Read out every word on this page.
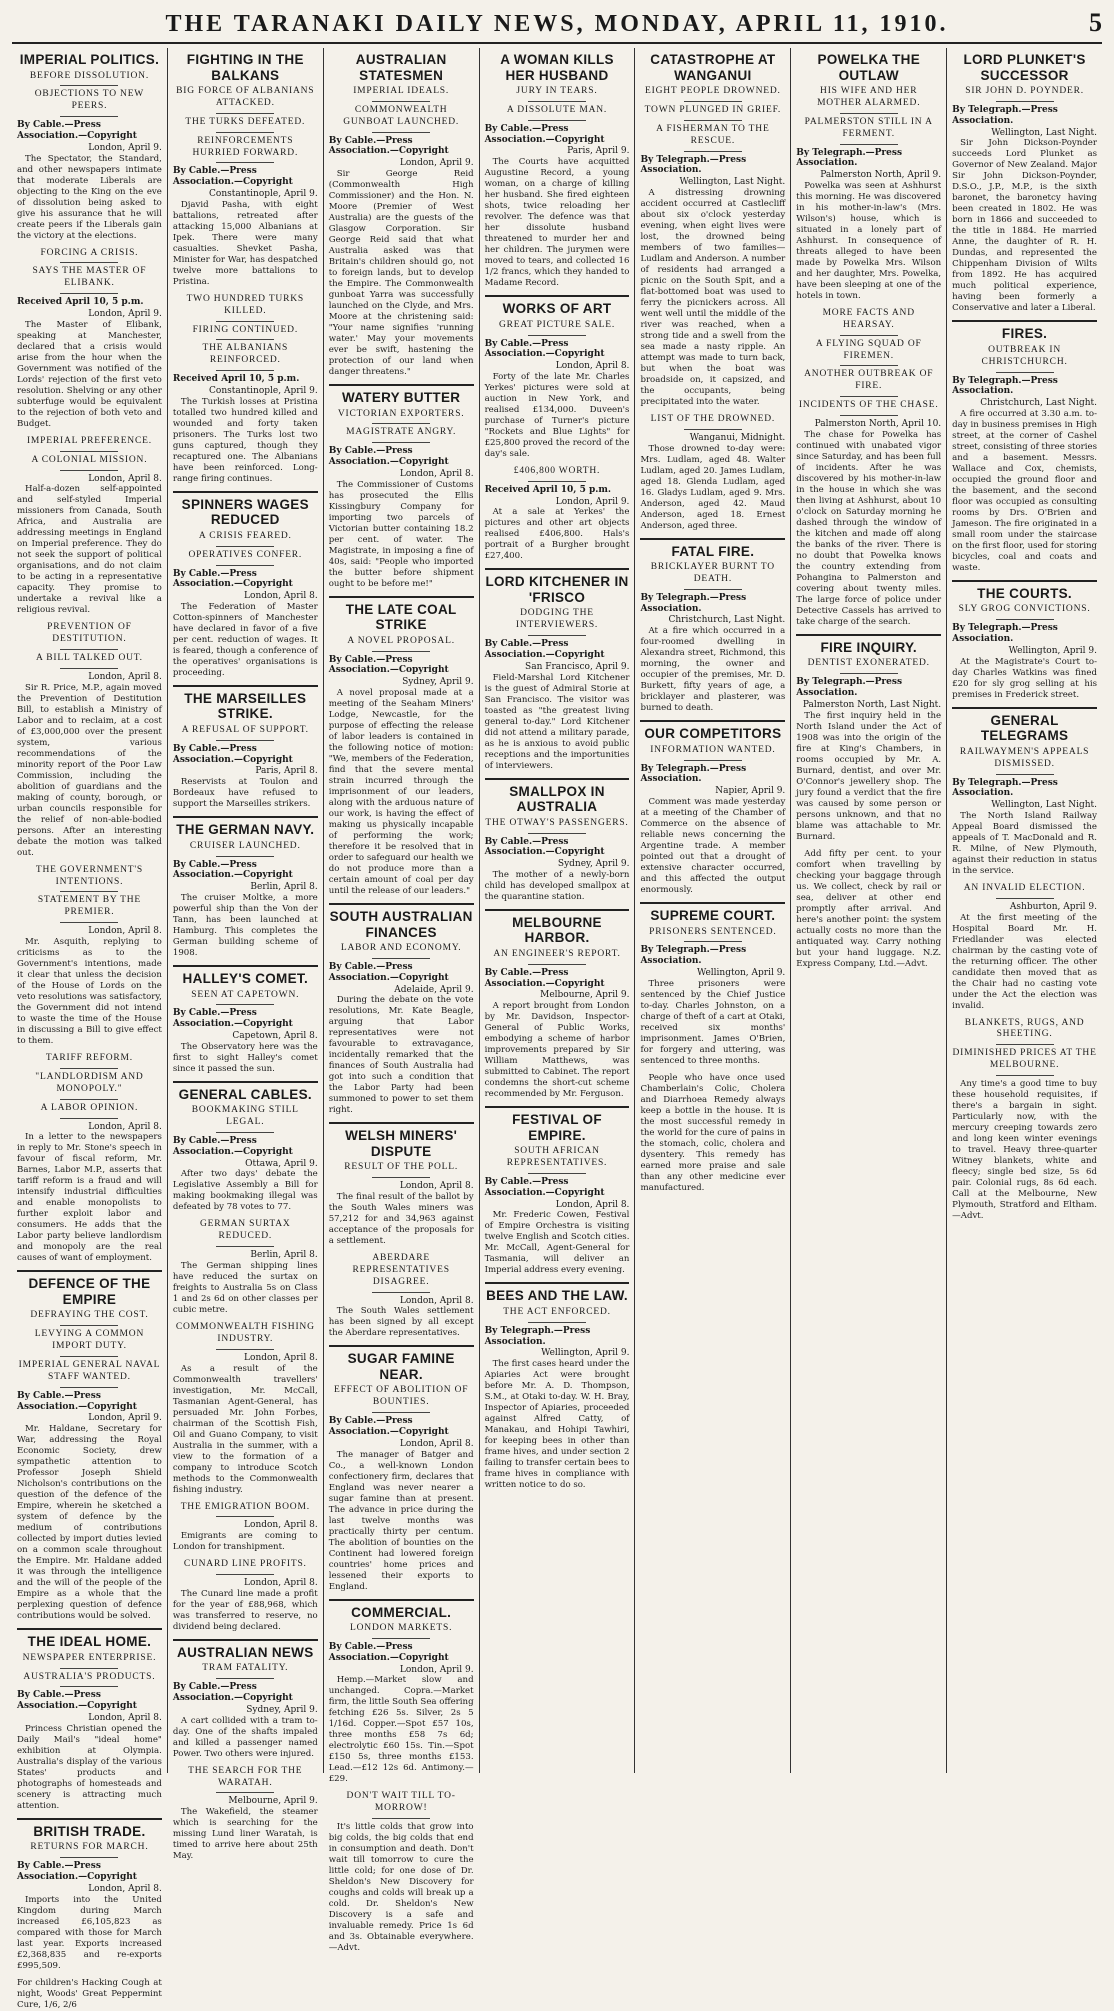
THE TARANAKI DAILY NEWS, MONDAY, APRIL 11, 1910.	5
IMPERIAL POLITICS.
BEFORE DISSOLUTION.
OBJECTIONS TO NEW PEERS.
By Cable.—Press Association.—Copyright
London, April 9.

The Spectator, the Standard, and other newspapers intimate that moderate Liberals are objecting to the King on the eve of dissolution being asked to give his assurance that he will create peers if the Liberals gain the victory at the elections.

FORCING A CRISIS.
SAYS THE MASTER OF ELIBANK.
Received April 10, 5 p.m.
London, April 9.

The Master of Elibank, speaking at Manchester, declared that a crisis would arise from the hour when the Government was notified of the Lords' rejection of the first veto resolution. Shelving or any other subterfuge would be equivalent to the rejection of both veto and Budget.

IMPERIAL PREFERENCE.
A COLONIAL MISSION.
London, April 8.

Half-a-dozen self-appointed and self-styled Imperial missioners from Canada, South Africa, and Australia are addressing meetings in England on Imperial preference. They do not seek the support of political organisations, and do not claim to be acting in a representative capacity. They promise to undertake a revival like a religious revival.

PREVENTION OF DESTITUTION.
A BILL TALKED OUT.
London, April 8.

Sir R. Price, M.P., again moved the Prevention of Destitution Bill, to establish a Ministry of Labor and to reclaim, at a cost of £3,000,000 over the present system, various recommendations of the minority report of the Poor Law Commission, including the abolition of guardians and the making of county, borough, or urban councils responsible for the relief of non-able-bodied persons. After an interesting debate the motion was talked out.

THE GOVERNMENT'S INTENTIONS.
STATEMENT BY THE PREMIER.
London, April 8.

Mr. Asquith, replying to criticisms as to the Government's intentions, made it clear that unless the decision of the House of Lords on the veto resolutions was satisfactory, the Government did not intend to waste the time of the House in discussing a Bill to give effect to them.

TARIFF REFORM.
"LANDLORDISM AND MONOPOLY."
A LABOR OPINION.
London, April 8.

In a letter to the newspapers in reply to Mr. Stone's speech in favour of fiscal reform, Mr. Barnes, Labor M.P., asserts that tariff reform is a fraud and will intensify industrial difficulties and enable monopolists to further exploit labor and consumers. He adds that the Labor party believe landlordism and monopoly are the real causes of want of employment.

DEFENCE OF THE EMPIRE
DEFRAYING THE COST.
LEVYING A COMMON IMPORT DUTY.
IMPERIAL GENERAL NAVAL STAFF WANTED.
By Cable.—Press Association.—Copyright
London, April 9.

Mr. Haldane, Secretary for War, addressing the Royal Economic Society, drew sympathetic attention to Professor Joseph Shield Nicholson's contributions on the question of the defence of the Empire, wherein he sketched a system of defence by the medium of contributions collected by import duties levied on a common scale throughout the Empire. Mr. Haldane added it was through the intelligence and the will of the people of the Empire as a whole that the perplexing question of defence contributions would be solved.

THE IDEAL HOME.
NEWSPAPER ENTERPRISE.
AUSTRALIA'S PRODUCTS.
By Cable.—Press Association.—Copyright
London, April 8.

Princess Christian opened the Daily Mail's "ideal home" exhibition at Olympia. Australia's display of the various States' products and photographs of homesteads and scenery is attracting much attention.

BRITISH TRADE.
RETURNS FOR MARCH.
By Cable.—Press Association.—Copyright
London, April 8.

Imports into the United Kingdom during March increased £6,105,823 as compared with those for March last year. Exports increased £2,368,835 and re-exports £995,509.

For children's Hacking Cough at night, Woods' Great Peppermint Cure, 1/6, 2/6
FIGHTING IN THE BALKANS
BIG FORCE OF ALBANIANS ATTACKED.
THE TURKS DEFEATED.
REINFORCEMENTS HURRIED FORWARD.
By Cable.—Press Association.—Copyright
Constantinople, April 9.

Djavid Pasha, with eight battalions, retreated after attacking 15,000 Albanians at Ipek. There were many casualties. Shevket Pasha, Minister for War, has despatched twelve more battalions to Pristina.

TWO HUNDRED TURKS KILLED.
FIRING CONTINUED.
THE ALBANIANS REINFORCED.
Received April 10, 5 p.m.
Constantinople, April 9.

The Turkish losses at Pristina totalled two hundred killed and wounded and forty taken prisoners. The Turks lost two guns captured, though they recaptured one. The Albanians have been reinforced. Long-range firing continues.

SPINNERS WAGES REDUCED
A CRISIS FEARED.
OPERATIVES CONFER.
By Cable.—Press Association.—Copyright
London, April 8.

The Federation of Master Cotton-spinners of Manchester have declared in favor of a five per cent. reduction of wages. It is feared, though a conference of the operatives' organisations is proceeding.

THE MARSEILLES STRIKE.
A REFUSAL OF SUPPORT.
By Cable.—Press Association.—Copyright
Paris, April 8.

Reservists at Toulon and Bordeaux have refused to support the Marseilles strikers.

THE GERMAN NAVY.
CRUISER LAUNCHED.
By Cable.—Press Association.—Copyright
Berlin, April 8.

The cruiser Moltke, a more powerful ship than the Von der Tann, has been launched at Hamburg. This completes the German building scheme of 1908.

HALLEY'S COMET.
SEEN AT CAPETOWN.
By Cable.—Press Association.—Copyright
Capetown, April 8.

The Observatory here was the first to sight Halley's comet since it passed the sun.

GENERAL CABLES.
BOOKMAKING STILL LEGAL.
By Cable.—Press Association.—Copyright
Ottawa, April 9.

After two days' debate the Legislative Assembly a Bill for making bookmaking illegal was defeated by 78 votes to 77.

GERMAN SURTAX REDUCED.
Berlin, April 8.

The German shipping lines have reduced the surtax on freights to Australia 5s on Class 1 and 2s 6d on other classes per cubic metre.

COMMONWEALTH FISHING INDUSTRY.
London, April 8.

As a result of the Commonwealth travellers' investigation, Mr. McCall, Tasmanian Agent-General, has persuaded Mr. John Forbes, chairman of the Scottish Fish, Oil and Guano Company, to visit Australia in the summer, with a view to the formation of a company to introduce Scotch methods to the Commonwealth fishing industry.

THE EMIGRATION BOOM.
London, April 8.

Emigrants are coming to London for transhipment.

CUNARD LINE PROFITS.
London, April 8.

The Cunard line made a profit for the year of £88,968, which was transferred to reserve, no dividend being declared.

AUSTRALIAN NEWS
TRAM FATALITY.
By Cable.—Press Association.—Copyright
Sydney, April 9.

A cart collided with a tram to-day. One of the shafts impaled and killed a passenger named Power. Two others were injured.

THE SEARCH FOR THE WARATAH.
Melbourne, April 9.

The Wakefield, the steamer which is searching for the missing Lund liner Waratah, is timed to arrive here about 25th May.

AUSTRALIAN STATESMEN
IMPERIAL IDEALS.
COMMONWEALTH GUNBOAT LAUNCHED.
By Cable.—Press Association.—Copyright
London, April 9.

Sir George Reid (Commonwealth High Commissioner) and the Hon. N. Moore (Premier of West Australia) are the guests of the Glasgow Corporation. Sir George Reid said that what Australia asked was that Britain's children should go, not to foreign lands, but to develop the Empire. The Commonwealth gunboat Yarra was successfully launched on the Clyde, and Mrs. Moore at the christening said: "Your name signifies 'running water.' May your movements ever be swift, hastening the protection of our land when danger threatens."

WATERY BUTTER
VICTORIAN EXPORTERS.
MAGISTRATE ANGRY.
By Cable.—Press Association.—Copyright
London, April 8.

The Commissioner of Customs has prosecuted the Ellis Kissingbury Company for importing two parcels of Victorian butter containing 18.2 per cent. of water. The Magistrate, in imposing a fine of 40s, said: "People who imported the butter before shipment ought to be before me!"

THE LATE COAL STRIKE
A NOVEL PROPOSAL.
By Cable.—Press Association.—Copyright
Sydney, April 9.

A novel proposal made at a meeting of the Seaham Miners' Lodge, Newcastle, for the purpose of effecting the release of labor leaders is contained in the following notice of motion: "We, members of the Federation, find that the severe mental strain incurred through the imprisonment of our leaders, along with the arduous nature of our work, is having the effect of making us physically incapable of performing the work; therefore it be resolved that in order to safeguard our health we do not produce more than a certain amount of coal per day until the release of our leaders."

SOUTH AUSTRALIAN FINANCES
LABOR AND ECONOMY.
By Cable.—Press Association.—Copyright
Adelaide, April 9.

During the debate on the vote resolutions, Mr. Kate Beagle, arguing that Labor representatives were not favourable to extravagance, incidentally remarked that the finances of South Australia had got into such a condition that the Labor Party had been summoned to power to set them right.

WELSH MINERS' DISPUTE
RESULT OF THE POLL.
London, April 8.

The final result of the ballot by the South Wales miners was 57,212 for and 34,963 against acceptance of the proposals for a settlement.

ABERDARE REPRESENTATIVES DISAGREE.
London, April 8.

The South Wales settlement has been signed by all except the Aberdare representatives.

SUGAR FAMINE NEAR.
EFFECT OF ABOLITION OF BOUNTIES.
By Cable.—Press Association.—Copyright
London, April 8.

The manager of Batger and Co., a well-known London confectionery firm, declares that England was never nearer a sugar famine than at present. The advance in price during the last twelve months was practically thirty per centum. The abolition of bounties on the Continent had lowered foreign countries' home prices and lessened their exports to England.

COMMERCIAL.
LONDON MARKETS.
By Cable.—Press Association.—Copyright
London, April 9.

Hemp.—Market slow and unchanged. Copra.—Market firm, the little South Sea offering fetching £26 5s. Silver, 2s 5 1/16d. Copper.—Spot £57 10s, three months £58 7s 6d; electrolytic £60 15s. Tin.—Spot £150 5s, three months £153. Lead.—£12 12s 6d. Antimony.—£29.

DON'T WAIT TILL TO-MORROW!

It's little colds that grow into big colds, the big colds that end in consumption and death. Don't wait till tomorrow to cure the little cold; for one dose of Dr. Sheldon's New Discovery for coughs and colds will break up a cold. Dr. Sheldon's New Discovery is a safe and invaluable remedy. Price 1s 6d and 3s. Obtainable everywhere.—Advt.

A WOMAN KILLS HER HUSBAND
JURY IN TEARS.
A DISSOLUTE MAN.
By Cable.—Press Association.—Copyright
Paris, April 9.

The Courts have acquitted Augustine Record, a young woman, on a charge of killing her husband. She fired eighteen shots, twice reloading her revolver. The defence was that her dissolute husband threatened to murder her and her children. The jurymen were moved to tears, and collected 16 1/2 francs, which they handed to Madame Record.

WORKS OF ART
GREAT PICTURE SALE.
By Cable.—Press Association.—Copyright
London, April 8.

Forty of the late Mr. Charles Yerkes' pictures were sold at auction in New York, and realised £134,000. Duveen's purchase of Turner's picture "Rockets and Blue Lights" for £25,800 proved the record of the day's sale.

£406,800 WORTH.
Received April 10, 5 p.m.
London, April 9.

At a sale at Yerkes' the pictures and other art objects realised £406,800. Hals's portrait of a Burgher brought £27,400.

LORD KITCHENER IN 'FRISCO
DODGING THE INTERVIEWERS.
By Cable.—Press Association.—Copyright
San Francisco, April 9.

Field-Marshal Lord Kitchener is the guest of Admiral Storie at San Francisco. The visitor was toasted as "the greatest living general to-day." Lord Kitchener did not attend a military parade, as he is anxious to avoid public receptions and the importunities of interviewers.

SMALLPOX IN AUSTRALIA
THE OTWAY'S PASSENGERS.
By Cable.—Press Association.—Copyright
Sydney, April 9.

The mother of a newly-born child has developed smallpox at the quarantine station.

MELBOURNE HARBOR.
AN ENGINEER'S REPORT.
By Cable.—Press Association.—Copyright
Melbourne, April 9.

A report brought from London by Mr. Davidson, Inspector-General of Public Works, embodying a scheme of harbor improvements prepared by Sir William Matthews, was submitted to Cabinet. The report condemns the short-cut scheme recommended by Mr. Ferguson.

FESTIVAL OF EMPIRE.
SOUTH AFRICAN REPRESENTATIVES.
By Cable.—Press Association.—Copyright
London, April 8.

Mr. Frederic Cowen, Festival of Empire Orchestra is visiting twelve English and Scotch cities. Mr. McCall, Agent-General for Tasmania, will deliver an Imperial address every evening.

BEES AND THE LAW.
THE ACT ENFORCED.
By Telegraph.—Press Association.
Wellington, April 9.

The first cases heard under the Apiaries Act were brought before Mr. A. D. Thompson, S.M., at Otaki to-day. W. H. Bray, Inspector of Apiaries, proceeded against Alfred Catty, of Manakau, and Hohipi Tawhiri, for keeping bees in other than frame hives, and under section 2 failing to transfer certain bees to frame hives in compliance with written notice to do so.

CATASTROPHE AT WANGANUI
EIGHT PEOPLE DROWNED.
TOWN PLUNGED IN GRIEF.
A FISHERMAN TO THE RESCUE.
By Telegraph.—Press Association.
Wellington, Last Night.

A distressing drowning accident occurred at Castlecliff about six o'clock yesterday evening, when eight lives were lost, the drowned being members of two families—Ludlam and Anderson. A number of residents had arranged a picnic on the South Spit, and a flat-bottomed boat was used to ferry the picnickers across. All went well until the middle of the river was reached, when a strong tide and a swell from the sea made a nasty ripple. An attempt was made to turn back, but when the boat was broadside on, it capsized, and the occupants, being precipitated into the water.

LIST OF THE DROWNED.
Wanganui, Midnight.

Those drowned to-day were: Mrs. Ludlam, aged 48. Walter Ludlam, aged 20. James Ludlam, aged 18. Glenda Ludlam, aged 16. Gladys Ludlam, aged 9. Mrs. Anderson, aged 42. Maud Anderson, aged 18. Ernest Anderson, aged three.

FATAL FIRE.
BRICKLAYER BURNT TO DEATH.
By Telegraph.—Press Association.
Christchurch, Last Night.

At a fire which occurred in a four-roomed dwelling in Alexandra street, Richmond, this morning, the owner and occupier of the premises, Mr. D. Burkett, fifty years of age, a bricklayer and plasterer, was burned to death.

OUR COMPETITORS
INFORMATION WANTED.
By Telegraph.—Press Association.
Napier, April 9.

Comment was made yesterday at a meeting of the Chamber of Commerce on the absence of reliable news concerning the Argentine trade. A member pointed out that a drought of extensive character occurred, and this affected the output enormously.

SUPREME COURT.
PRISONERS SENTENCED.
By Telegraph.—Press Association.
Wellington, April 9.

Three prisoners were sentenced by the Chief Justice to-day. Charles Johnston, on a charge of theft of a cart at Otaki, received six months' imprisonment. James O'Brien, for forgery and uttering, was sentenced to three months.

People who have once used Chamberlain's Colic, Cholera and Diarrhoea Remedy always keep a bottle in the house. It is the most successful remedy in the world for the cure of pains in the stomach, colic, cholera and dysentery. This remedy has earned more praise and sale than any other medicine ever manufactured.

POWELKA THE OUTLAW
HIS WIFE AND HER MOTHER ALARMED.
PALMERSTON STILL IN A FERMENT.
By Telegraph.—Press Association.
Palmerston North, April 9.

Powelka was seen at Ashhurst this morning. He was discovered in his mother-in-law's (Mrs. Wilson's) house, which is situated in a lonely part of Ashhurst. In consequence of threats alleged to have been made by Powelka Mrs. Wilson and her daughter, Mrs. Powelka, have been sleeping at one of the hotels in town.

MORE FACTS AND HEARSAY.
A FLYING SQUAD OF FIREMEN.
ANOTHER OUTBREAK OF FIRE.
INCIDENTS OF THE CHASE.
Palmerston North, April 10.

The chase for Powelka has continued with unabated vigor since Saturday, and has been full of incidents. After he was discovered by his mother-in-law in the house in which she was then living at Ashhurst, about 10 o'clock on Saturday morning he dashed through the window of the kitchen and made off along the banks of the river. There is no doubt that Powelka knows the country extending from Pohangina to Palmerston and covering about twenty miles. The large force of police under Detective Cassels has arrived to take charge of the search.

FIRE INQUIRY.
DENTIST EXONERATED.
By Telegraph.—Press Association.
Palmerston North, Last Night.

The first inquiry held in the North Island under the Act of 1908 was into the origin of the fire at King's Chambers, in rooms occupied by Mr. A. Burnard, dentist, and over Mr. O'Connor's jewellery shop. The jury found a verdict that the fire was caused by some person or persons unknown, and that no blame was attachable to Mr. Burnard.

Add fifty per cent. to your comfort when travelling by checking your baggage through us. We collect, check by rail or sea, deliver at other end promptly after arrival. And here's another point: the system actually costs no more than the antiquated way. Carry nothing but your hand luggage. N.Z. Express Company, Ltd.—Advt.

LORD PLUNKET'S SUCCESSOR
SIR JOHN D. POYNDER.
By Telegraph.—Press Association.
Wellington, Last Night.

Sir John Dickson-Poynder succeeds Lord Plunket as Governor of New Zealand. Major Sir John Dickson-Poynder, D.S.O., J.P., M.P., is the sixth baronet, the baronetcy having been created in 1802. He was born in 1866 and succeeded to the title in 1884. He married Anne, the daughter of R. H. Dundas, and represented the Chippenham Division of Wilts from 1892. He has acquired much political experience, having been formerly a Conservative and later a Liberal.

FIRES.
OUTBREAK IN CHRISTCHURCH.
By Telegraph.—Press Association.
Christchurch, Last Night.

A fire occurred at 3.30 a.m. to-day in business premises in High street, at the corner of Cashel street, consisting of three stories and a basement. Messrs. Wallace and Cox, chemists, occupied the ground floor and the basement, and the second floor was occupied as consulting rooms by Drs. O'Brien and Jameson. The fire originated in a small room under the staircase on the first floor, used for storing bicycles, coal and coats and waste.

THE COURTS.
SLY GROG CONVICTIONS.
By Telegraph.—Press Association.
Wellington, April 9.

At the Magistrate's Court to-day Charles Watkins was fined £20 for sly grog selling at his premises in Frederick street.

GENERAL TELEGRAMS
RAILWAYMEN'S APPEALS DISMISSED.
By Telegraph.—Press Association.
Wellington, Last Night.

The North Island Railway Appeal Board dismissed the appeals of T. MacDonald and R. R. Milne, of New Plymouth, against their reduction in status in the service.

AN INVALID ELECTION.
Ashburton, April 9.

At the first meeting of the Hospital Board Mr. H. Friedlander was elected chairman by the casting vote of the returning officer. The other candidate then moved that as the Chair had no casting vote under the Act the election was invalid.

BLANKETS, RUGS, AND SHEETING.
DIMINISHED PRICES AT THE MELBOURNE.

Any time's a good time to buy these household requisites, if there's a bargain in sight. Particularly now, with the mercury creeping towards zero and long keen winter evenings to travel. Heavy three-quarter Witney blankets, white and fleecy; single bed size, 5s 6d pair. Colonial rugs, 8s 6d each. Call at the Melbourne, New Plymouth, Stratford and Eltham.—Advt.
